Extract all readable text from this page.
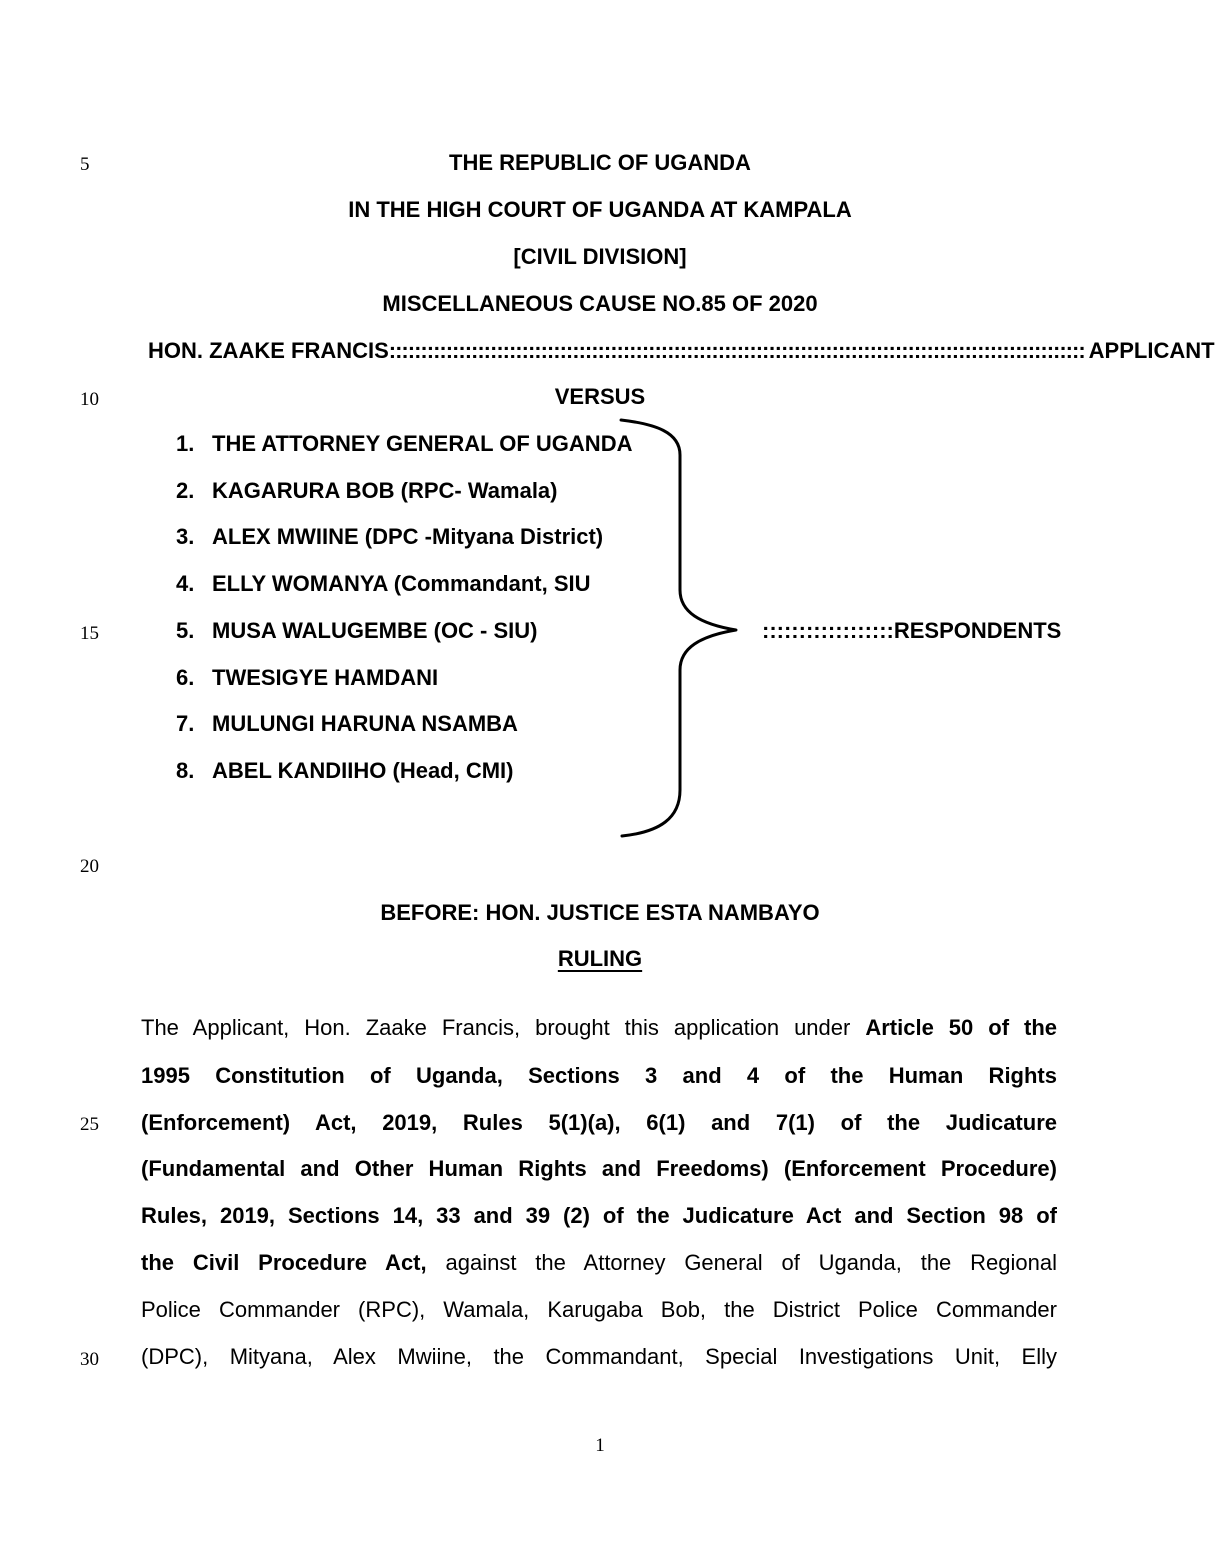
5
10
15
20
25
30
THE REPUBLIC OF UGANDA
IN THE HIGH COURT OF UGANDA AT KAMPALA
[CIVIL DIVISION]
MISCELLANEOUS CAUSE NO.85 OF 2020
HON. ZAAKE FRANCIS :::::::::::::::::::::::::::::::::::::::::::::::::::::::::::::::::::::::::::::::::::::::::::::::::::::::::::::: APPLICANT
VERSUS
1. THE ATTORNEY GENERAL OF UGANDA
2. KAGARURA BOB (RPC- Wamala)
3. ALEX MWIINE (DPC -Mityana District)
4. ELLY WOMANYA (Commandant, SIU
5. MUSA WALUGEMBE (OC - SIU)
6. TWESIGYE HAMDANI
7. MULUNGI HARUNA NSAMBA
8. ABEL KANDIIHO (Head, CMI)
::::::::::::::::::RESPONDENTS
BEFORE: HON. JUSTICE ESTA NAMBAYO
RULING
The Applicant, Hon. Zaake Francis, brought this application under Article 50 of the
1995 Constitution of Uganda, Sections 3 and 4 of the Human Rights
(Enforcement) Act, 2019, Rules 5(1)(a), 6(1) and 7(1) of the Judicature
(Fundamental and Other Human Rights and Freedoms) (Enforcement Procedure)
Rules, 2019, Sections 14, 33 and 39 (2) of the Judicature Act and Section 98 of
the Civil Procedure Act, against the Attorney General of Uganda, the Regional
Police Commander (RPC), Wamala, Karugaba Bob, the District Police Commander
(DPC), Mityana, Alex Mwiine, the Commandant, Special Investigations Unit, Elly
1
